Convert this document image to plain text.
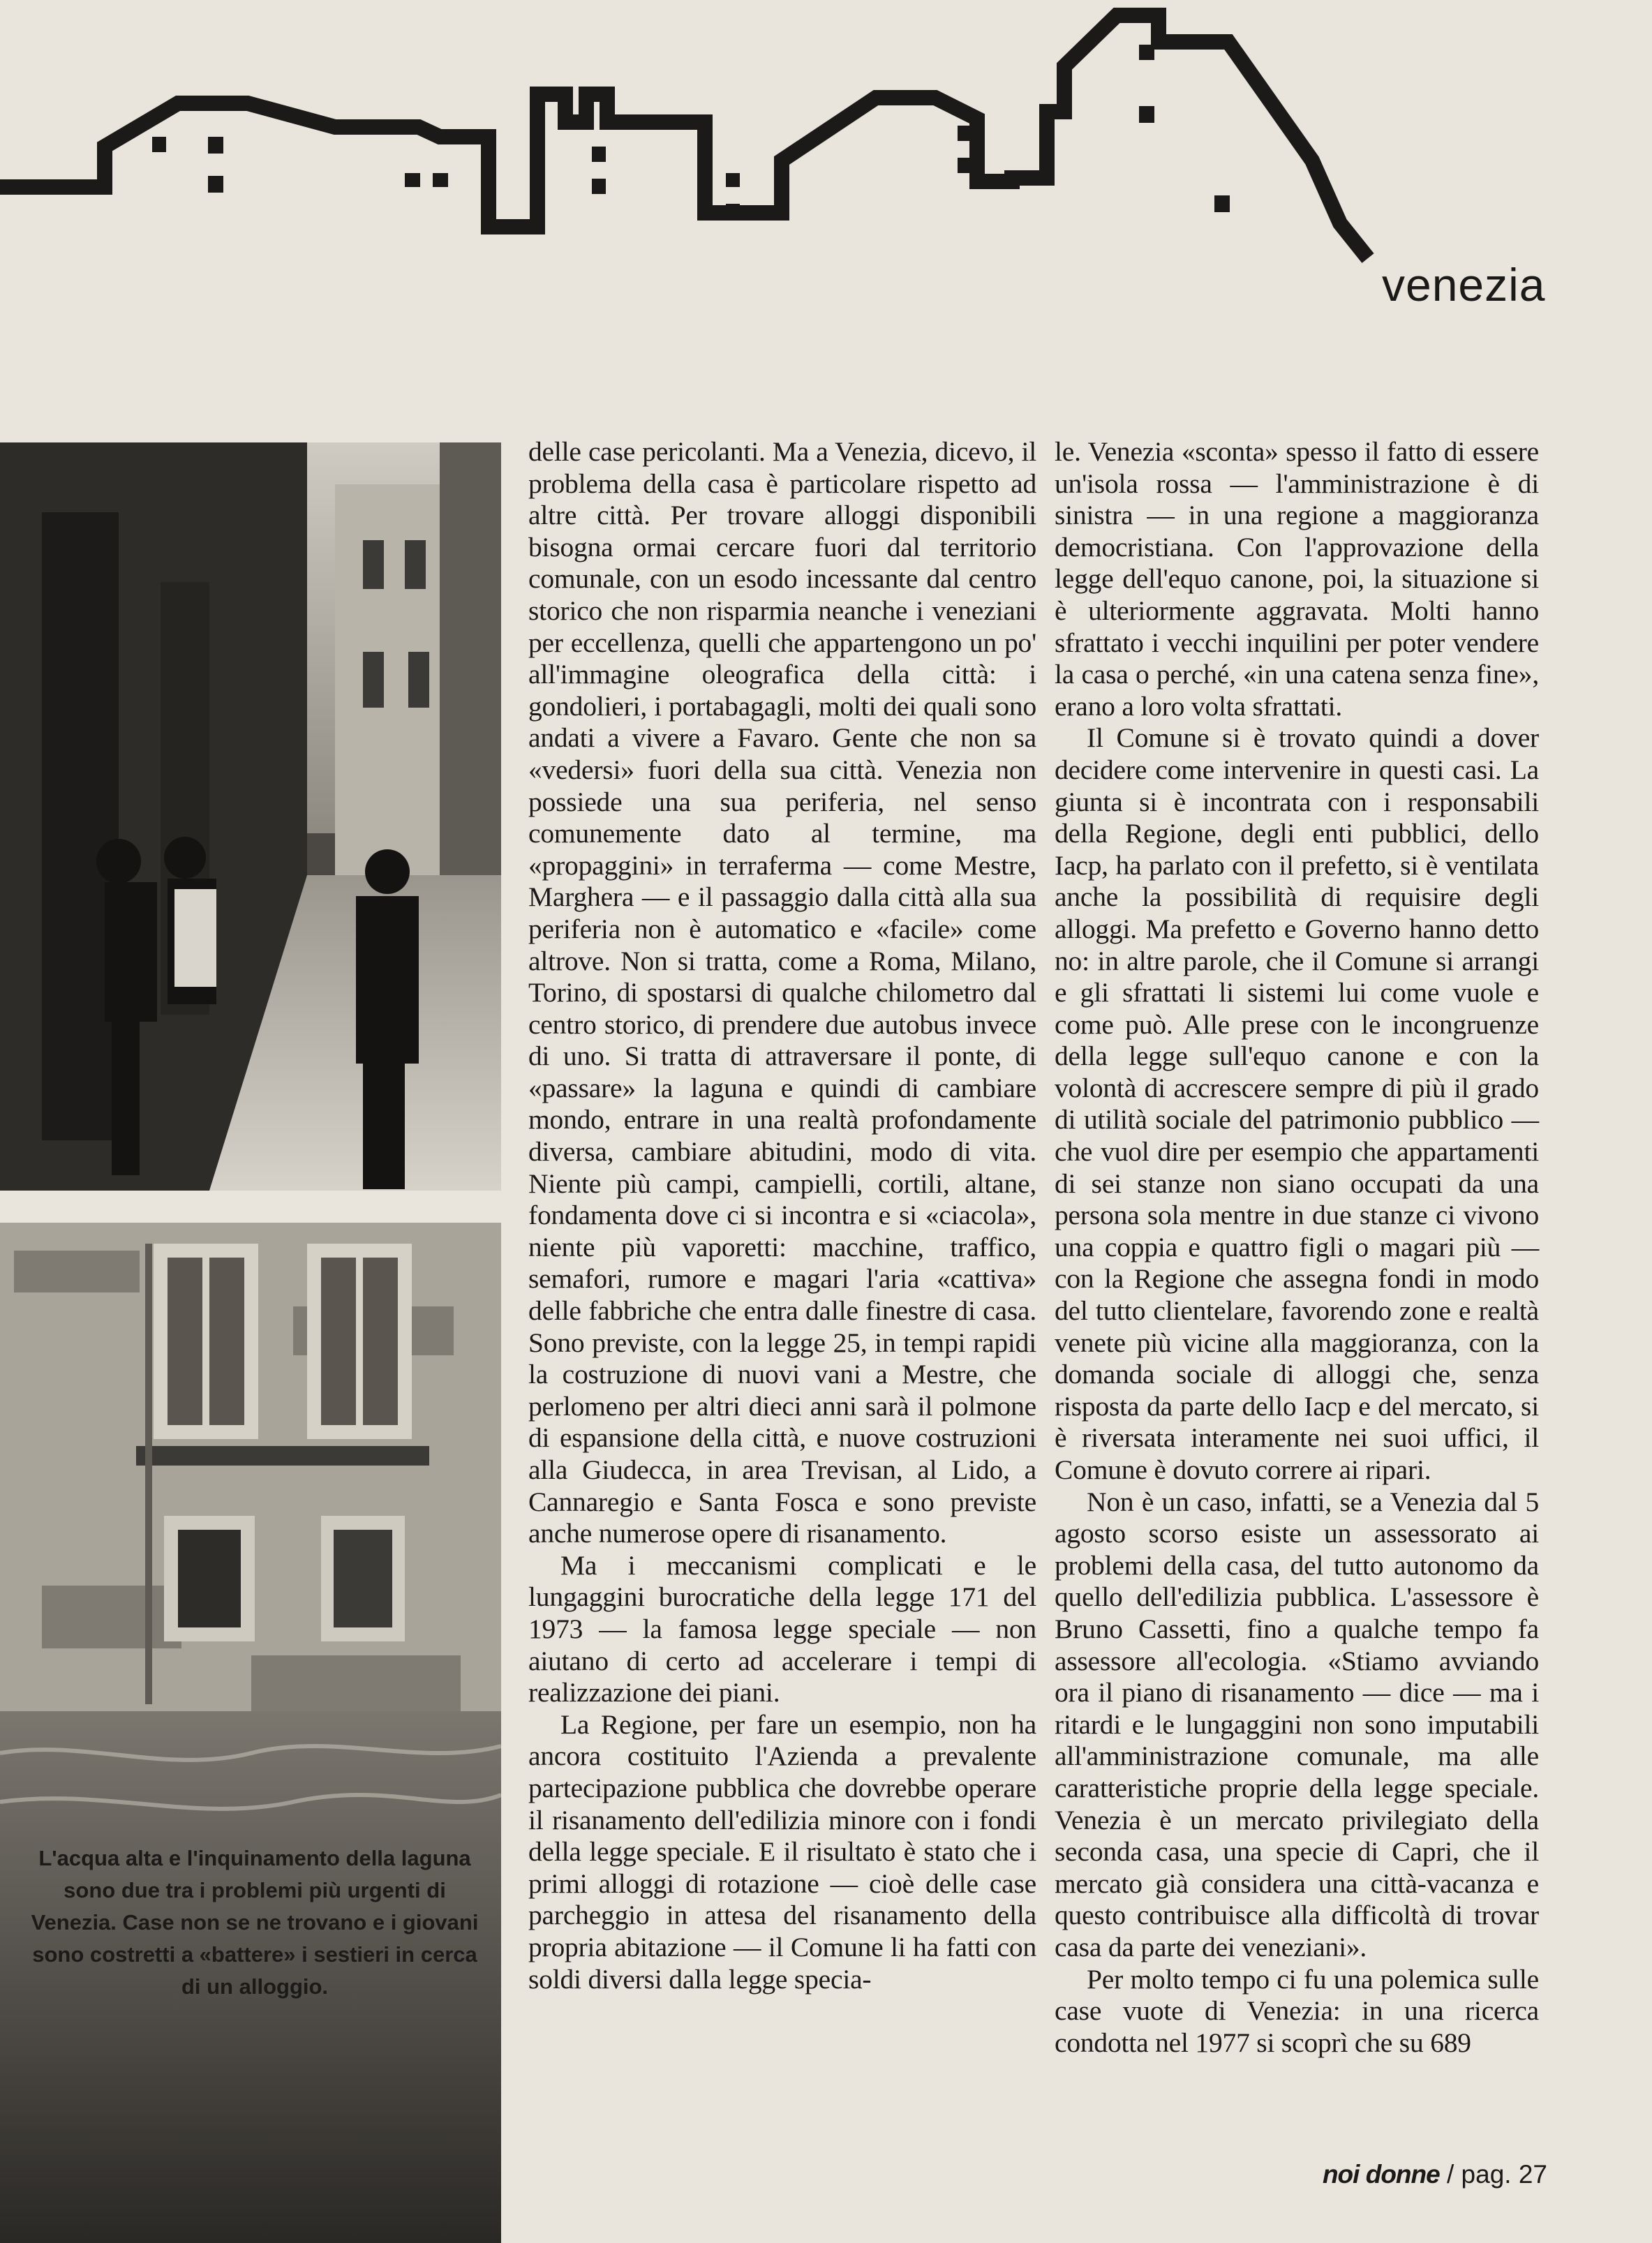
venezia
L'acqua alta e l'inquinamento della laguna sono due tra i problemi più urgenti di Venezia. Case non se ne trovano e i giovani sono costretti a «battere» i sestieri in cerca di un alloggio.

delle case pericolanti. Ma a Venezia, dicevo, il problema della casa è particolare rispetto ad altre città. Per trovare alloggi disponibili bisogna ormai cercare fuori dal territorio comunale, con un esodo incessante dal centro storico che non risparmia neanche i veneziani per eccellenza, quelli che appartengono un po' all'immagine oleografica della città: i gondolieri, i portabagagli, molti dei quali sono andati a vivere a Favaro. Gente che non sa «vedersi» fuori della sua città. Venezia non possiede una sua periferia, nel senso comunemente dato al termine, ma «propaggini» in terraferma — come Mestre, Marghera — e il passaggio dalla città alla sua periferia non è automatico e «facile» come altrove. Non si tratta, come a Roma, Milano, Torino, di spostarsi di qualche chilometro dal centro storico, di prendere due autobus invece di uno. Si tratta di attraversare il ponte, di «passare» la laguna e quindi di cambiare mondo, entrare in una realtà profondamente diversa, cambiare abitudini, modo di vita. Niente più campi, campielli, cortili, altane, fondamenta dove ci si incontra e si «ciacola», niente più vaporetti: macchine, traffico, semafori, rumore e magari l'aria «cattiva» delle fabbriche che entra dalle finestre di casa. Sono previste, con la legge 25, in tempi rapidi la costruzione di nuovi vani a Mestre, che perlomeno per altri dieci anni sarà il polmone di espansione della città, e nuove costruzioni alla Giudecca, in area Trevisan, al Lido, a Cannaregio e Santa Fosca e sono previste anche numerose opere di risanamento.

Ma i meccanismi complicati e le lungaggini burocratiche della legge 171 del 1973 — la famosa legge speciale — non aiutano di certo ad accelerare i tempi di realizzazione dei piani.

La Regione, per fare un esempio, non ha ancora costituito l'Azienda a prevalente partecipazione pubblica che dovrebbe operare il risanamento dell'edilizia minore con i fondi della legge speciale. E il risultato è stato che i primi alloggi di rotazione — cioè delle case parcheggio in attesa del risanamento della propria abitazione — il Comune li ha fatti con soldi diversi dalla legge specia-

le. Venezia «sconta» spesso il fatto di essere un'isola rossa — l'amministrazione è di sinistra — in una regione a maggioranza democristiana. Con l'approvazione della legge dell'equo canone, poi, la situazione si è ulteriormente aggravata. Molti hanno sfrattato i vecchi inquilini per poter vendere la casa o perché, «in una catena senza fine», erano a loro volta sfrattati.

Il Comune si è trovato quindi a dover decidere come intervenire in questi casi. La giunta si è incontrata con i responsabili della Regione, degli enti pubblici, dello Iacp, ha parlato con il prefetto, si è ventilata anche la possibilità di requisire degli alloggi. Ma prefetto e Governo hanno detto no: in altre parole, che il Comune si arrangi e gli sfrattati li sistemi lui come vuole e come può. Alle prese con le incongruenze della legge sull'equo canone e con la volontà di accrescere sempre di più il grado di utilità sociale del patrimonio pubblico — che vuol dire per esempio che appartamenti di sei stanze non siano occupati da una persona sola mentre in due stanze ci vivono una coppia e quattro figli o magari più — con la Regione che assegna fondi in modo del tutto clientelare, favorendo zone e realtà venete più vicine alla maggioranza, con la domanda sociale di alloggi che, senza risposta da parte dello Iacp e del mercato, si è riversata interamente nei suoi uffici, il Comune è dovuto correre ai ripari.

Non è un caso, infatti, se a Venezia dal 5 agosto scorso esiste un assessorato ai problemi della casa, del tutto autonomo da quello dell'edilizia pubblica. L'assessore è Bruno Cassetti, fino a qualche tempo fa assessore all'ecologia. «Stiamo avviando ora il piano di risanamento — dice — ma i ritardi e le lungaggini non sono imputabili all'amministrazione comunale, ma alle caratteristiche proprie della legge speciale. Venezia è un mercato privilegiato della seconda casa, una specie di Capri, che il mercato già considera una città-vacanza e questo contribuisce alla difficoltà di trovar casa da parte dei veneziani».

Per molto tempo ci fu una polemica sulle case vuote di Venezia: in una ricerca condotta nel 1977 si scoprì che su 689

noi donne / pag. 27
